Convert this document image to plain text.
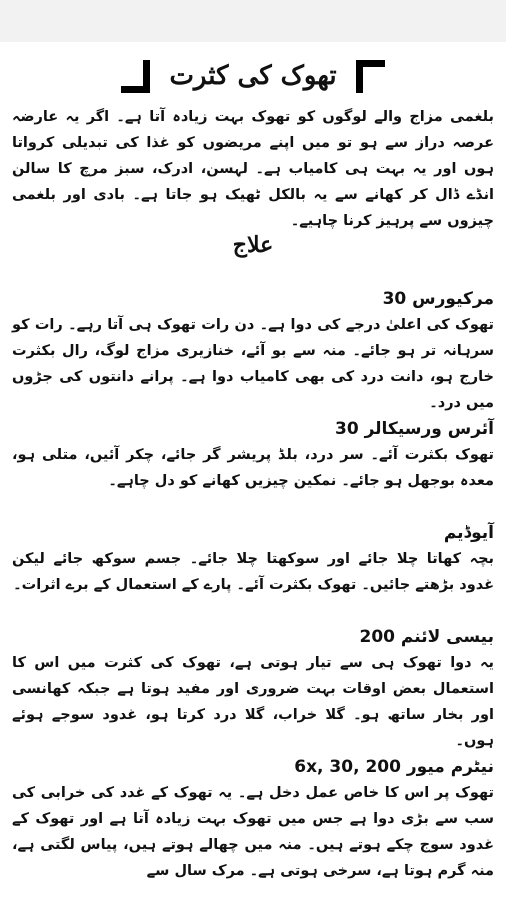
تھوک کی کثرت
بلغمی مزاج والے لوگوں کو تھوک بہت زیادہ آتا ہے۔ اگر یہ عارضہ عرصہ دراز سے ہو تو میں اپنے مریضوں کو غذا کی تبدیلی کرواتا ہوں اور یہ بہت ہی کامیاب ہے۔ لہسن، ادرک، سبز مرچ کا سالن انڈے ڈال کر کھانے سے یہ بالکل ٹھیک ہو جاتا ہے۔ بادی اور بلغمی چیزوں سے پرہیز کرنا چاہیے۔
علاج
مرکیورس 30
تھوک کی اعلیٰ درجے کی دوا ہے۔ دن رات تھوک ہی آتا رہے۔ رات کو سرہانہ تر ہو جائے۔ منہ سے بو آئے، خنازیری مزاج لوگ، رال بکثرت خارج ہو، دانت درد کی بھی کامیاب دوا ہے۔ پرانے دانتوں کی جڑوں میں درد۔
آئرس ورسیکالر 30
تھوک بکثرت آئے۔ سر درد، بلڈ پریشر گر جائے، چکر آئیں، متلی ہو، معدہ بوجھل ہو جائے۔ نمکین چیزیں کھانے کو دل چاہے۔
آیوڈیم
بچہ کھاتا چلا جائے اور سوکھتا چلا جائے۔ جسم سوکھ جائے لیکن غدود بڑھتے جائیں۔ تھوک بکثرت آئے۔ پارے کے استعمال کے برے اثرات۔
بیسی لائنم 200
یہ دوا تھوک ہی سے تیار ہوتی ہے، تھوک کی کثرت میں اس کا استعمال بعض اوقات بہت ضروری اور مفید ہوتا ہے جبکہ کھانسی اور بخار ساتھ ہو۔ گلا خراب، گلا درد کرتا ہو، غدود سوجے ہوئے ہوں۔
نیٹرم میور 6x, 30, 200
تھوک پر اس کا خاص عمل دخل ہے۔ یہ تھوک کے غدد کی خرابی کی سب سے بڑی دوا ہے جس میں تھوک بہت زیادہ آتا ہے اور تھوک کے غدود سوج چکے ہوتے ہیں۔ منہ میں چھالے ہوتے ہیں، پیاس لگتی ہے، منہ گرم ہوتا ہے، سرخی ہوتی ہے۔ مرک سال سے
